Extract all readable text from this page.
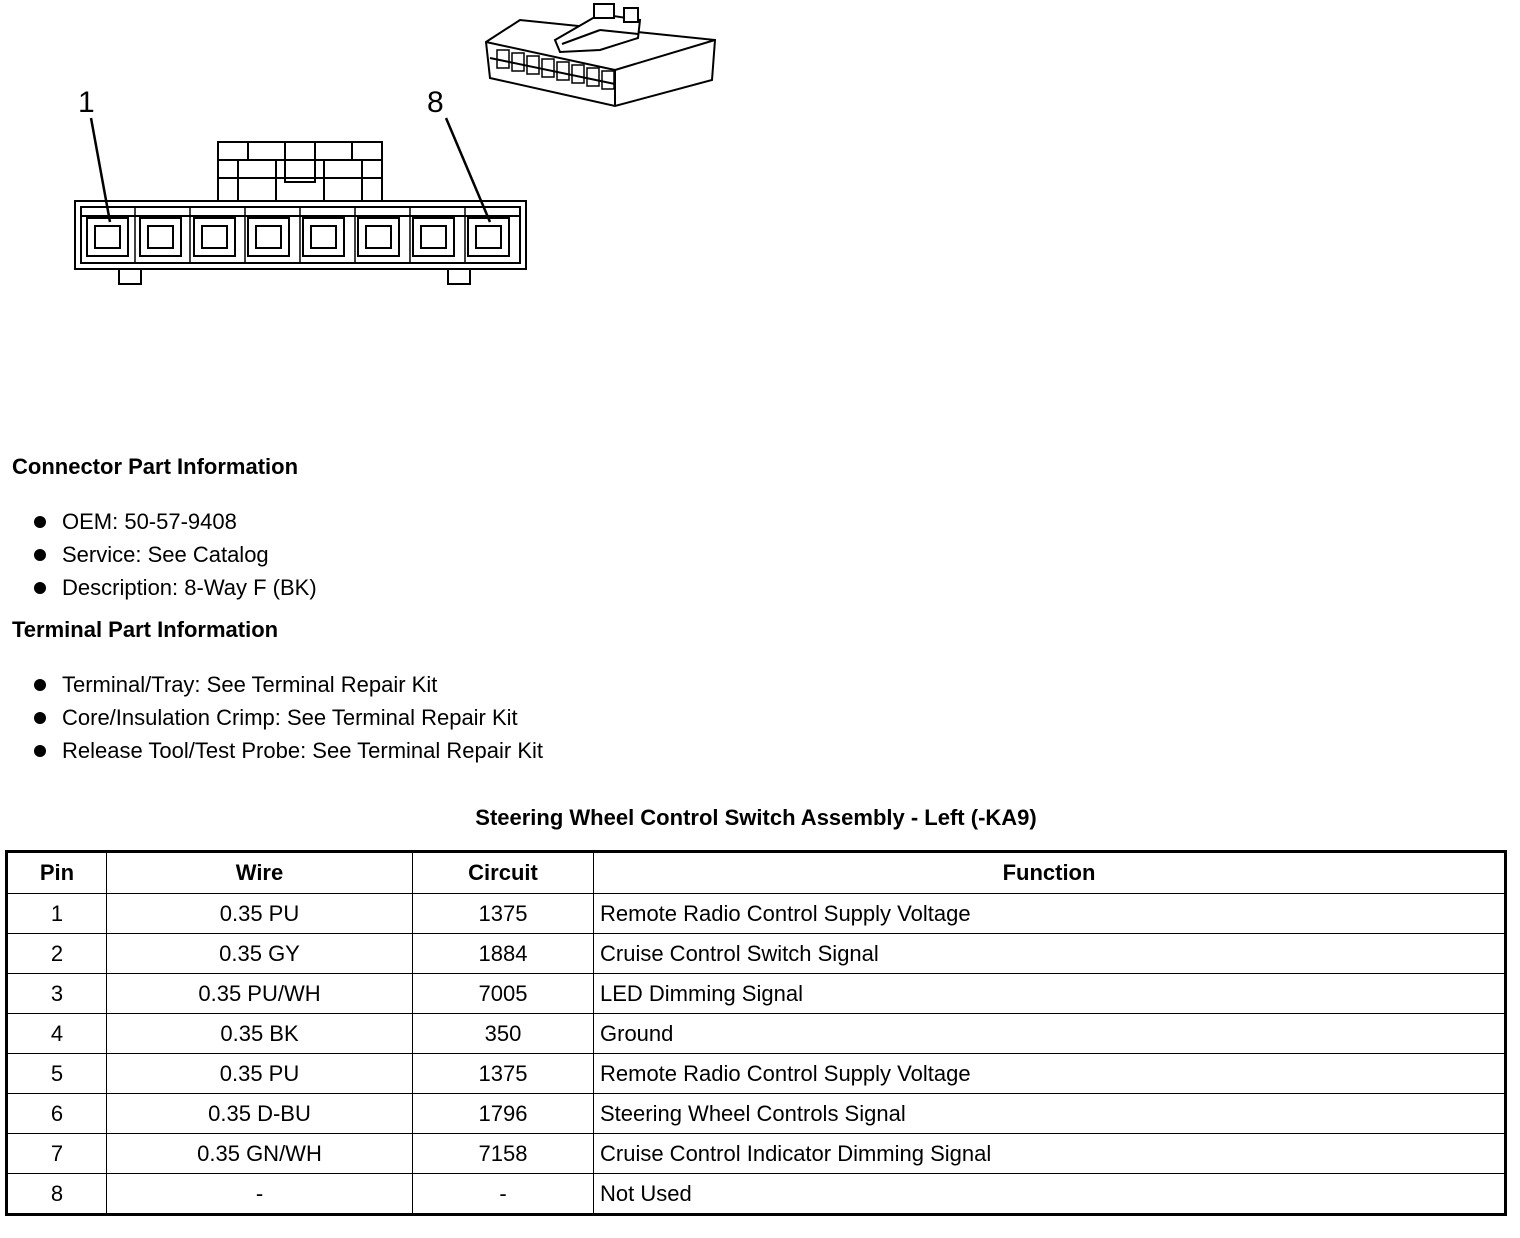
1	8
Connector Part Information
OEM: 50-57-9408
Service: See Catalog
Description: 8-Way F (BK)
Terminal Part Information
Terminal/Tray: See Terminal Repair Kit
Core/Insulation Crimp: See Terminal Repair Kit
Release Tool/Test Probe: See Terminal Repair Kit
Steering Wheel Control Switch Assembly - Left (-KA9)
Pin	Wire	Circuit	Function
1	0.35 PU	1375	Remote Radio Control Supply Voltage
2	0.35 GY	1884	Cruise Control Switch Signal
3	0.35 PU/WH	7005	LED Dimming Signal
4	0.35 BK	350	Ground
5	0.35 PU	1375	Remote Radio Control Supply Voltage
6	0.35 D-BU	1796	Steering Wheel Controls Signal
7	0.35 GN/WH	7158	Cruise Control Indicator Dimming Signal
8	-	-	Not Used
